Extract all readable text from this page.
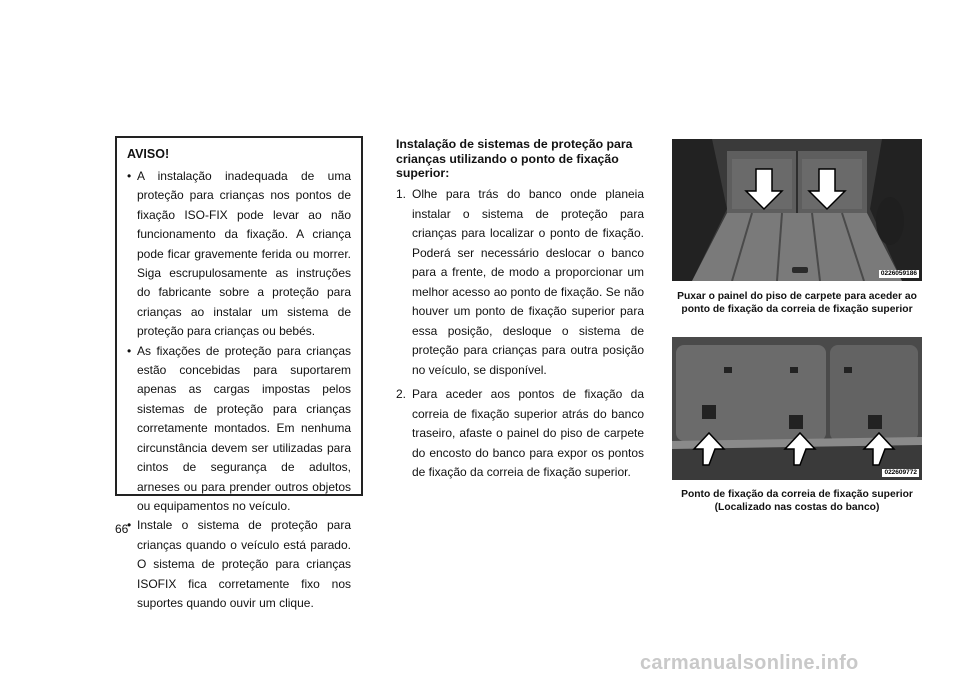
AVISO!

• A instalação inadequada de uma proteção para crianças nos pontos de fixação ISO-FIX pode levar ao não funcionamento da fixação. A criança pode ficar gravemente ferida ou morrer. Siga escrupulosamente as instruções do fabricante sobre a proteção para crianças ao instalar um sistema de proteção para crianças ou bebés.
• As fixações de proteção para crianças estão concebidas para suportarem apenas as cargas impostas pelos sistemas de proteção para crianças corretamente montados. Em nenhuma circunstância devem ser utilizadas para cintos de segurança de adultos, arneses ou para prender outros objetos ou equipamentos no veículo.
• Instale o sistema de proteção para crianças quando o veículo está parado. O sistema de proteção para crianças ISOFIX fica corretamente fixo nos suportes quando ouvir um clique.

Instalação de sistemas de proteção para crianças utilizando o ponto de fixação superior:

1. Olhe para trás do banco onde planeia instalar o sistema de proteção para crianças para localizar o ponto de fixação. Poderá ser necessário deslocar o banco para a frente, de modo a proporcionar um melhor acesso ao ponto de fixação. Se não houver um ponto de fixação superior para essa posição, desloque o sistema de proteção para crianças para outra posição no veículo, se disponível.
2. Para aceder aos pontos de fixação da correia de fixação superior atrás do banco traseiro, afaste o painel do piso de carpete do encosto do banco para expor os pontos de fixação da correia de fixação superior.
0226059186

Puxar o painel do piso de carpete para aceder ao ponto de fixação da correia de fixação superior

022609772

Ponto de fixação da correia de fixação superior (Localizado nas costas do banco)

66

carmanualsonline.info
